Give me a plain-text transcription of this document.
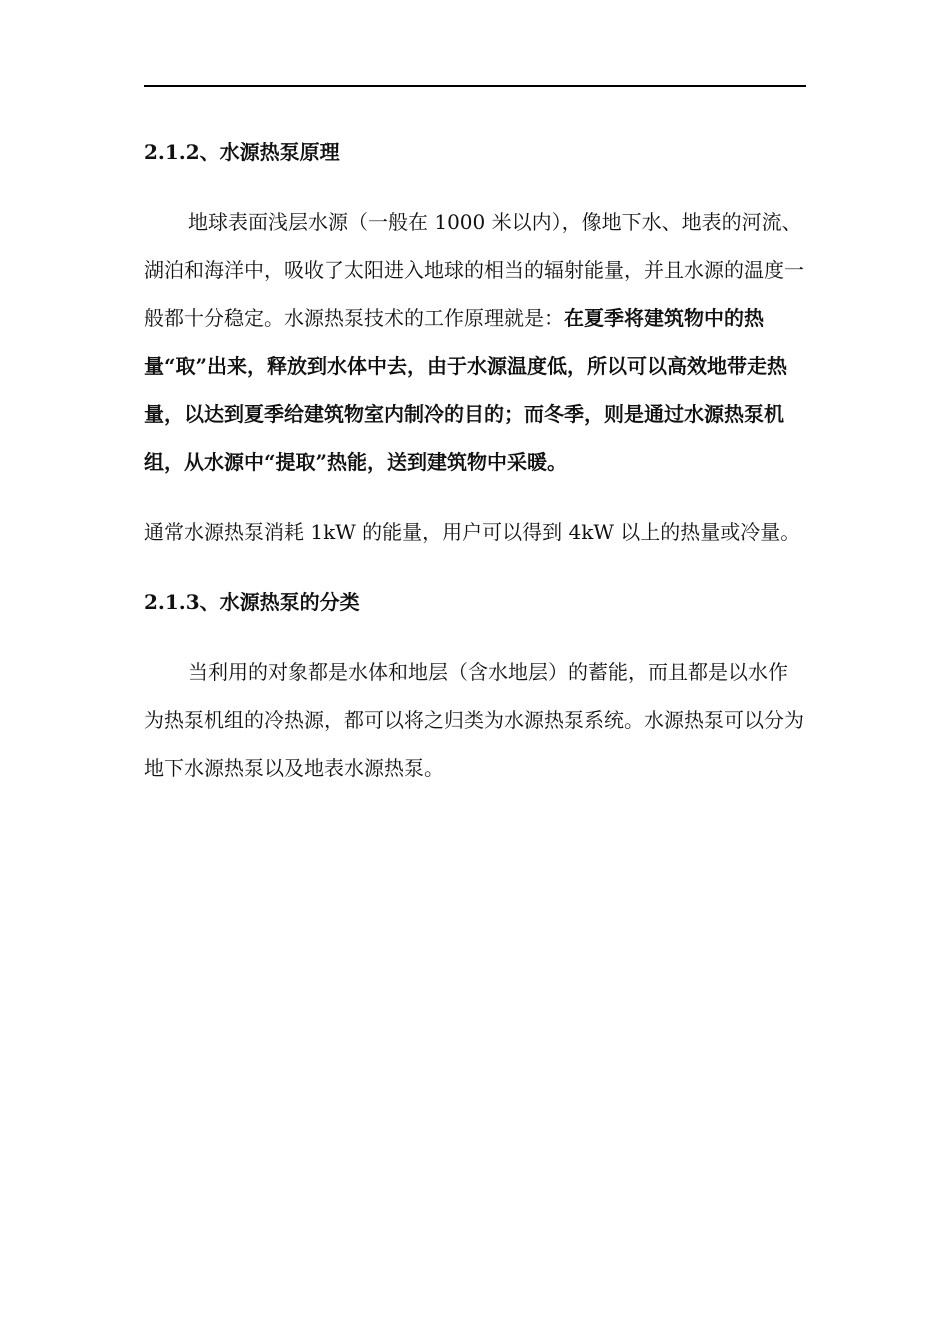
2.1.2、水源热泵原理

地球表面浅层水源（一般在 1000 米以内），像地下水、地表的河流、湖泊和海洋中，吸收了太阳进入地球的相当的辐射能量，并且水源的温度一般都十分稳定。水源热泵技术的工作原理就是：在夏季将建筑物中的热量“取”出来，释放到水体中去，由于水源温度低，所以可以高效地带走热量，以达到夏季给建筑物室内制冷的目的；而冬季，则是通过水源热泵机组，从水源中“提取”热能，送到建筑物中采暖。

通常水源热泵消耗 1kW 的能量，用户可以得到 4kW 以上的热量或冷量。

2.1.3、水源热泵的分类

当利用的对象都是水体和地层（含水地层）的蓄能，而且都是以水作为热泵机组的冷热源，都可以将之归类为水源热泵系统。水源热泵可以分为地下水源热泵以及地表水源热泵。
